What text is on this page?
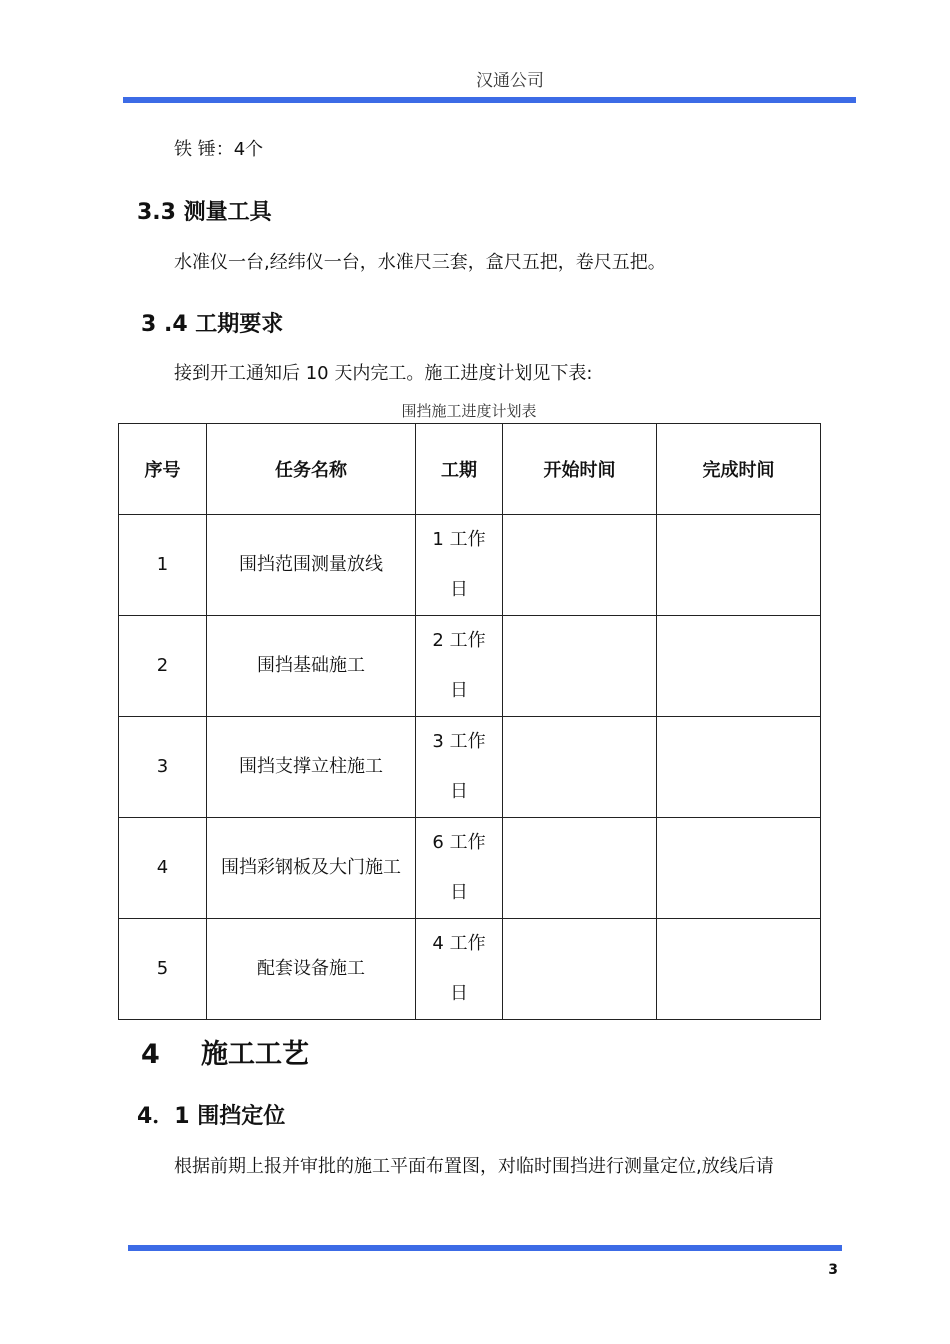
汉通公司
铁 锤：4个
3.3 测量工具
水准仪一台,经纬仪一台，水准尺三套，盒尺五把，卷尺五把。
3 .4 工期要求
接到开工通知后 10 天内完工。施工进度计划见下表:
围挡施工进度计划表
序号	任务名称	工期	开始时间	完成时间
1	围挡范围测量放线	1 工作日		
2	围挡基础施工	2 工作日		
3	围挡支撑立柱施工	3 工作日		
4	围挡彩钢板及大门施工	6 工作日		
5	配套设备施工	4 工作日		
4 施工工艺
4．1 围挡定位
根据前期上报并审批的施工平面布置图，对临时围挡进行测量定位,放线后请
3
